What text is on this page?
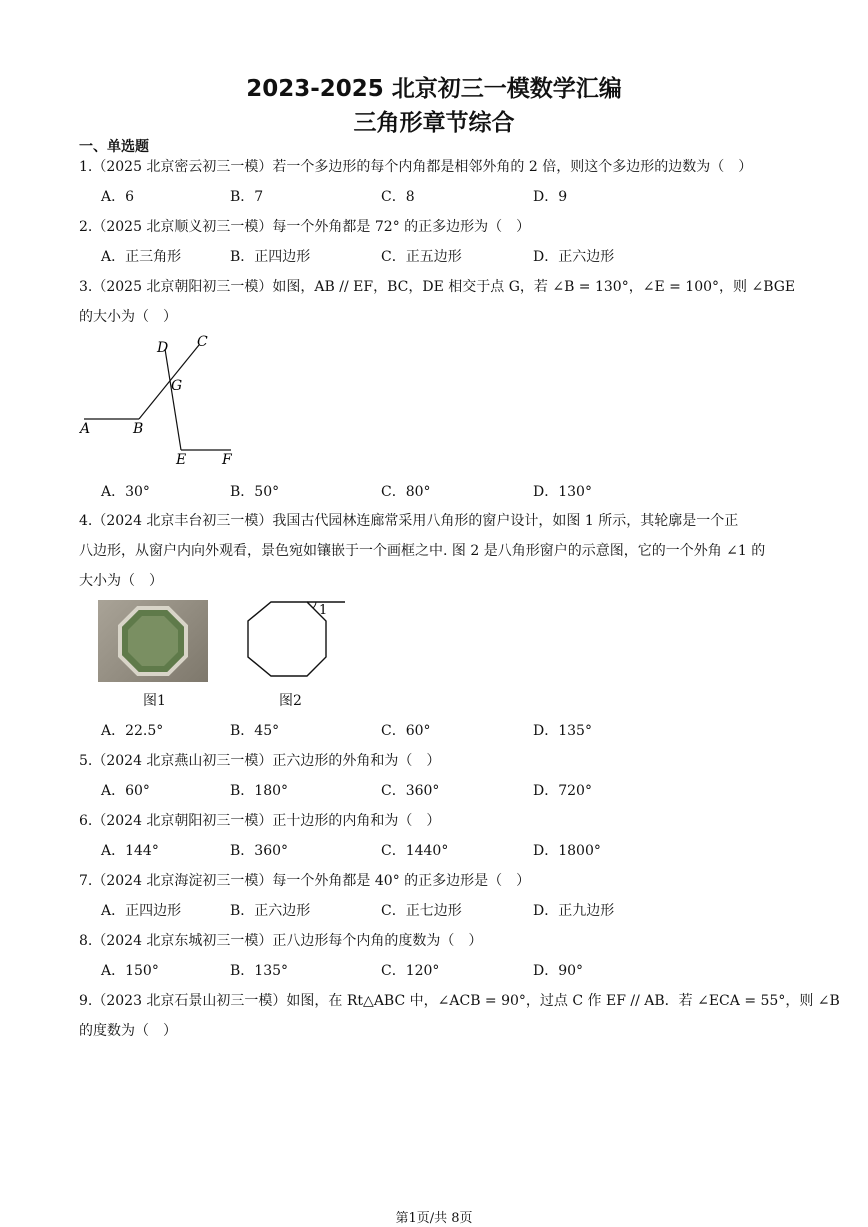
2023-2025 北京初三一模数学汇编
三角形章节综合
一、单选题
1.（2025 北京密云初三一模）若一个多边形的每个内角都是相邻外角的 2 倍，则这个多边形的边数为（　）
A．6	B．7	C．8	D．9
2.（2025 北京顺义初三一模）每一个外角都是 72° 的正多边形为（　）
A．正三角形	B．正四边形	C．正五边形	D．正六边形
3.（2025 北京朝阳初三一模）如图，AB // EF，BC，DE 相交于点 G，若 ∠B = 130°，∠E = 100°，则 ∠BGE
的大小为（　）
D C
G
A	B
E	F
A．30°	B．50°	C．80°	D．130°
4.（2024 北京丰台初三一模）我国古代园林连廊常采用八角形的窗户设计，如图 1 所示，其轮廓是一个正
八边形，从窗户内向外观看，景色宛如镶嵌于一个画框之中. 图 2 是八角形窗户的示意图，它的一个外角 ∠1 的
大小为（　）
图1
1
图2
A．22.5°	B．45°	C．60°	D．135°
5.（2024 北京燕山初三一模）正六边形的外角和为（　）
A．60°	B．180°	C．360°	D．720°
6.（2024 北京朝阳初三一模）正十边形的内角和为（　）
A．144°	B．360°	C．1440°	D．1800°
7.（2024 北京海淀初三一模）每一个外角都是 40° 的正多边形是（　）
A．正四边形	B．正六边形	C．正七边形	D．正九边形
8.（2024 北京东城初三一模）正八边形每个内角的度数为（　）
A．150°	B．135°	C．120°	D．90°
9.（2023 北京石景山初三一模）如图，在 Rt△ABC 中，∠ACB = 90°，过点 C 作 EF // AB．若 ∠ECA = 55°，则 ∠B
的度数为（　）
第1页/共 8页
